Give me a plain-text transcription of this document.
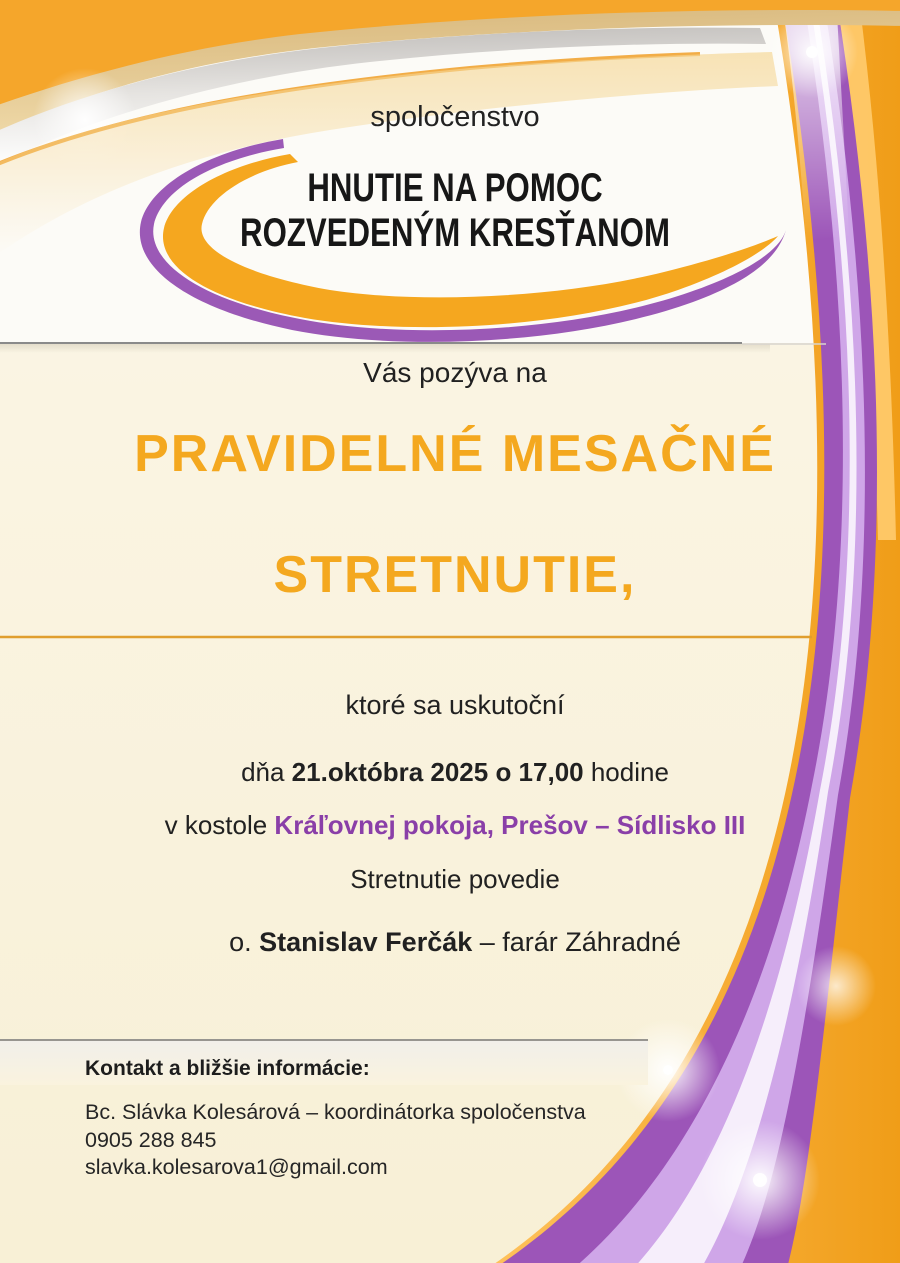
spoločenstvo
HNUTIE NA POMOC
ROZVEDENÝM KRESŤANOM
Vás pozýva na
PRAVIDELNÉ MESAČNÉ
STRETNUTIE,
ktoré sa uskutoční
dňa 21.októbra 2025 o 17,00 hodine
v kostole Kráľovnej pokoja, Prešov – Sídlisko III
Stretnutie povedie
o. Stanislav Ferčák – farár Záhradné
Kontakt a bližšie informácie:
Bc. Slávka Kolesárová – koordinátorka spoločenstva
0905 288 845
slavka.kolesarova1@gmail.com
